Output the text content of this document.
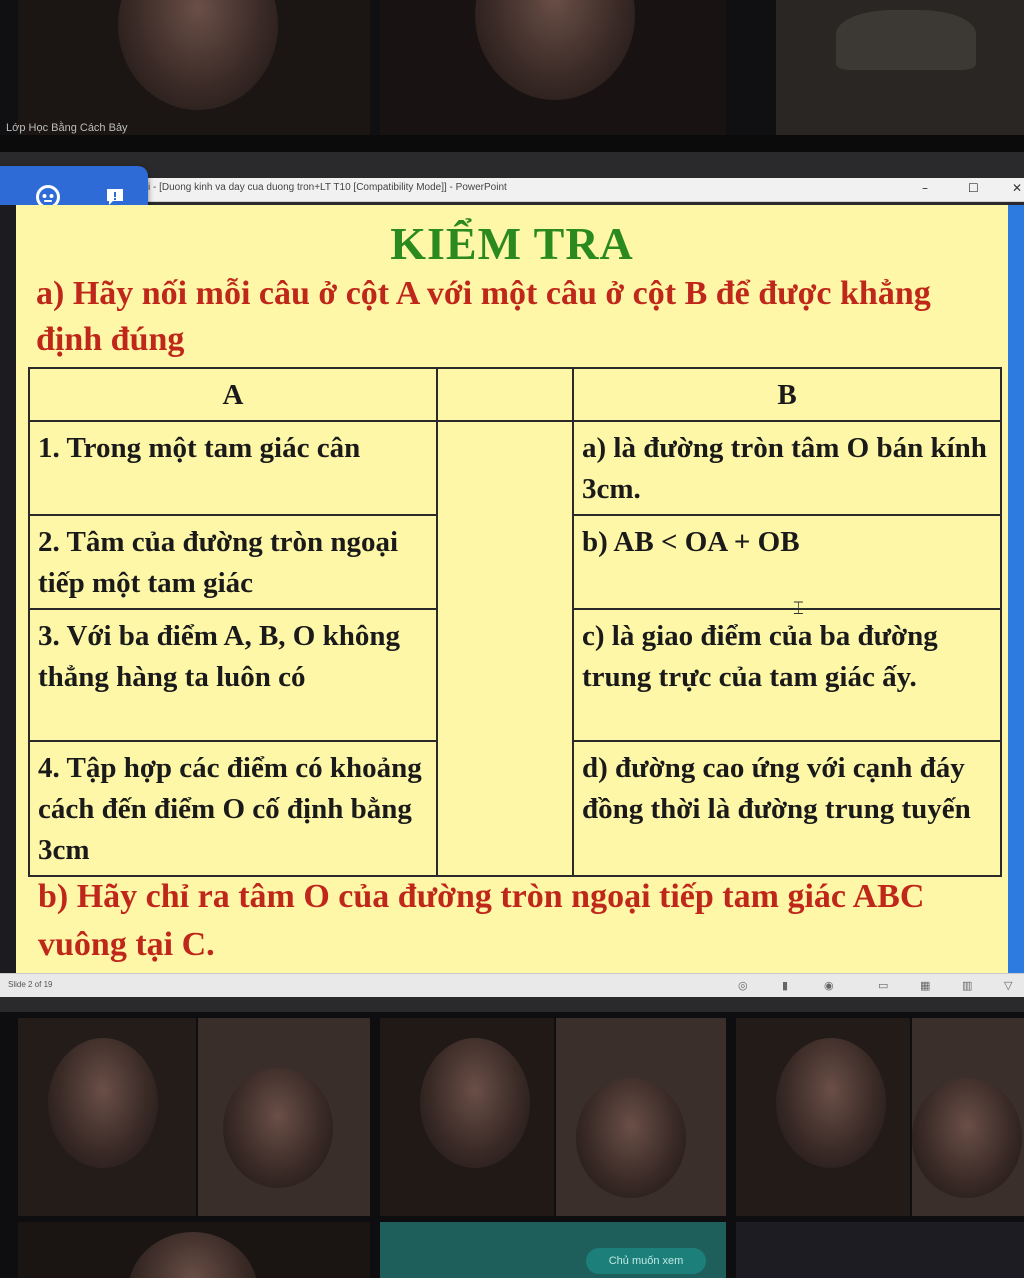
Lớp Học Bằng Cách Bảy
i - [Duong kinh va day cua duong tron+LT T10 [Compatibility Mode]] - PowerPoint	–	☐	✕
KIỂM TRA
a) Hãy nối mỗi câu ở cột A với một câu ở cột B để được khẳng định đúng
A		B
1. Trong một tam giác cân		a) là đường tròn tâm O bán kính 3cm.
2. Tâm của đường tròn ngoại tiếp một tam giác		b) AB < OA + OB
3. Với ba điểm A, B, O không thẳng hàng ta luôn có		c) là giao điểm của ba đường trung trực của tam giác ấy.
4. Tập hợp các điểm có khoảng cách đến điểm O cố định bằng 3cm		d) đường cao ứng với cạnh đáy đồng thời là đường trung tuyến
b) Hãy chỉ ra tâm O của đường tròn ngoại tiếp tam giác ABC vuông tại C.
⌶
Slide 2 of 19	◎	▮	◉	▭	▦	▥	▽
Chủ muốn xem
